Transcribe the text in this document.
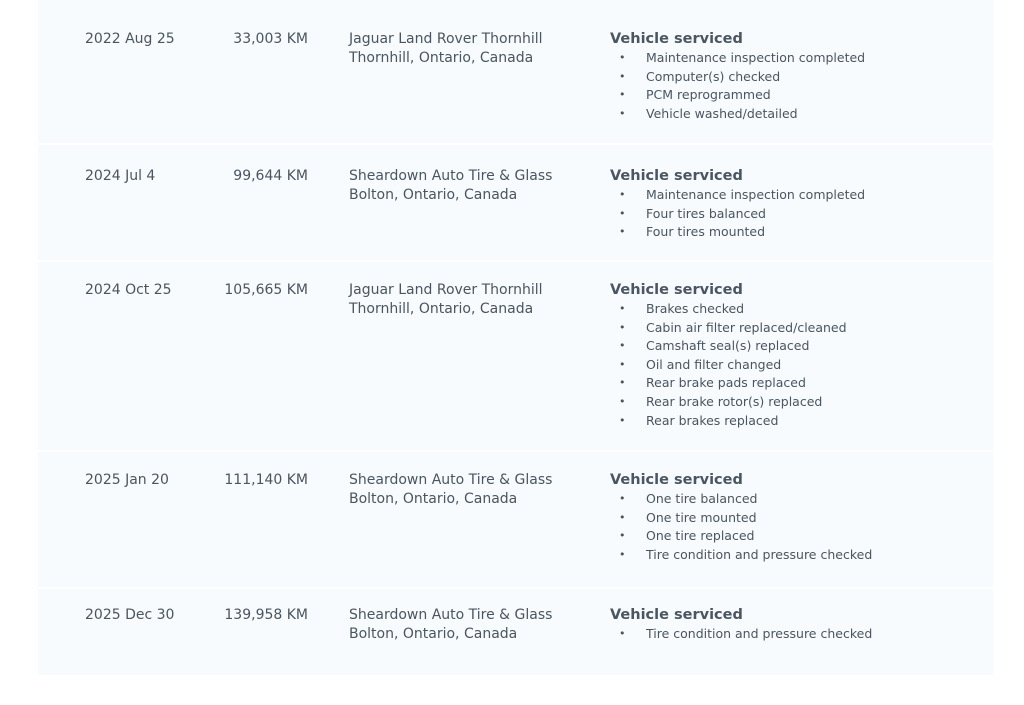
2022 Aug 25	33,003 KM	Jaguar Land Rover Thornhill
Thornhill, Ontario, Canada
Vehicle serviced
• Maintenance inspection completed
• Computer(s) checked
• PCM reprogrammed
• Vehicle washed/detailed
2024 Jul 4	99,644 KM	Sheardown Auto Tire & Glass
Bolton, Ontario, Canada
Vehicle serviced
• Maintenance inspection completed
• Four tires balanced
• Four tires mounted
2024 Oct 25	105,665 KM	Jaguar Land Rover Thornhill
Thornhill, Ontario, Canada
Vehicle serviced
• Brakes checked
• Cabin air filter replaced/cleaned
• Camshaft seal(s) replaced
• Oil and filter changed
• Rear brake pads replaced
• Rear brake rotor(s) replaced
• Rear brakes replaced
2025 Jan 20	111,140 KM	Sheardown Auto Tire & Glass
Bolton, Ontario, Canada
Vehicle serviced
• One tire balanced
• One tire mounted
• One tire replaced
• Tire condition and pressure checked
2025 Dec 30	139,958 KM	Sheardown Auto Tire & Glass
Bolton, Ontario, Canada
Vehicle serviced
• Tire condition and pressure checked
